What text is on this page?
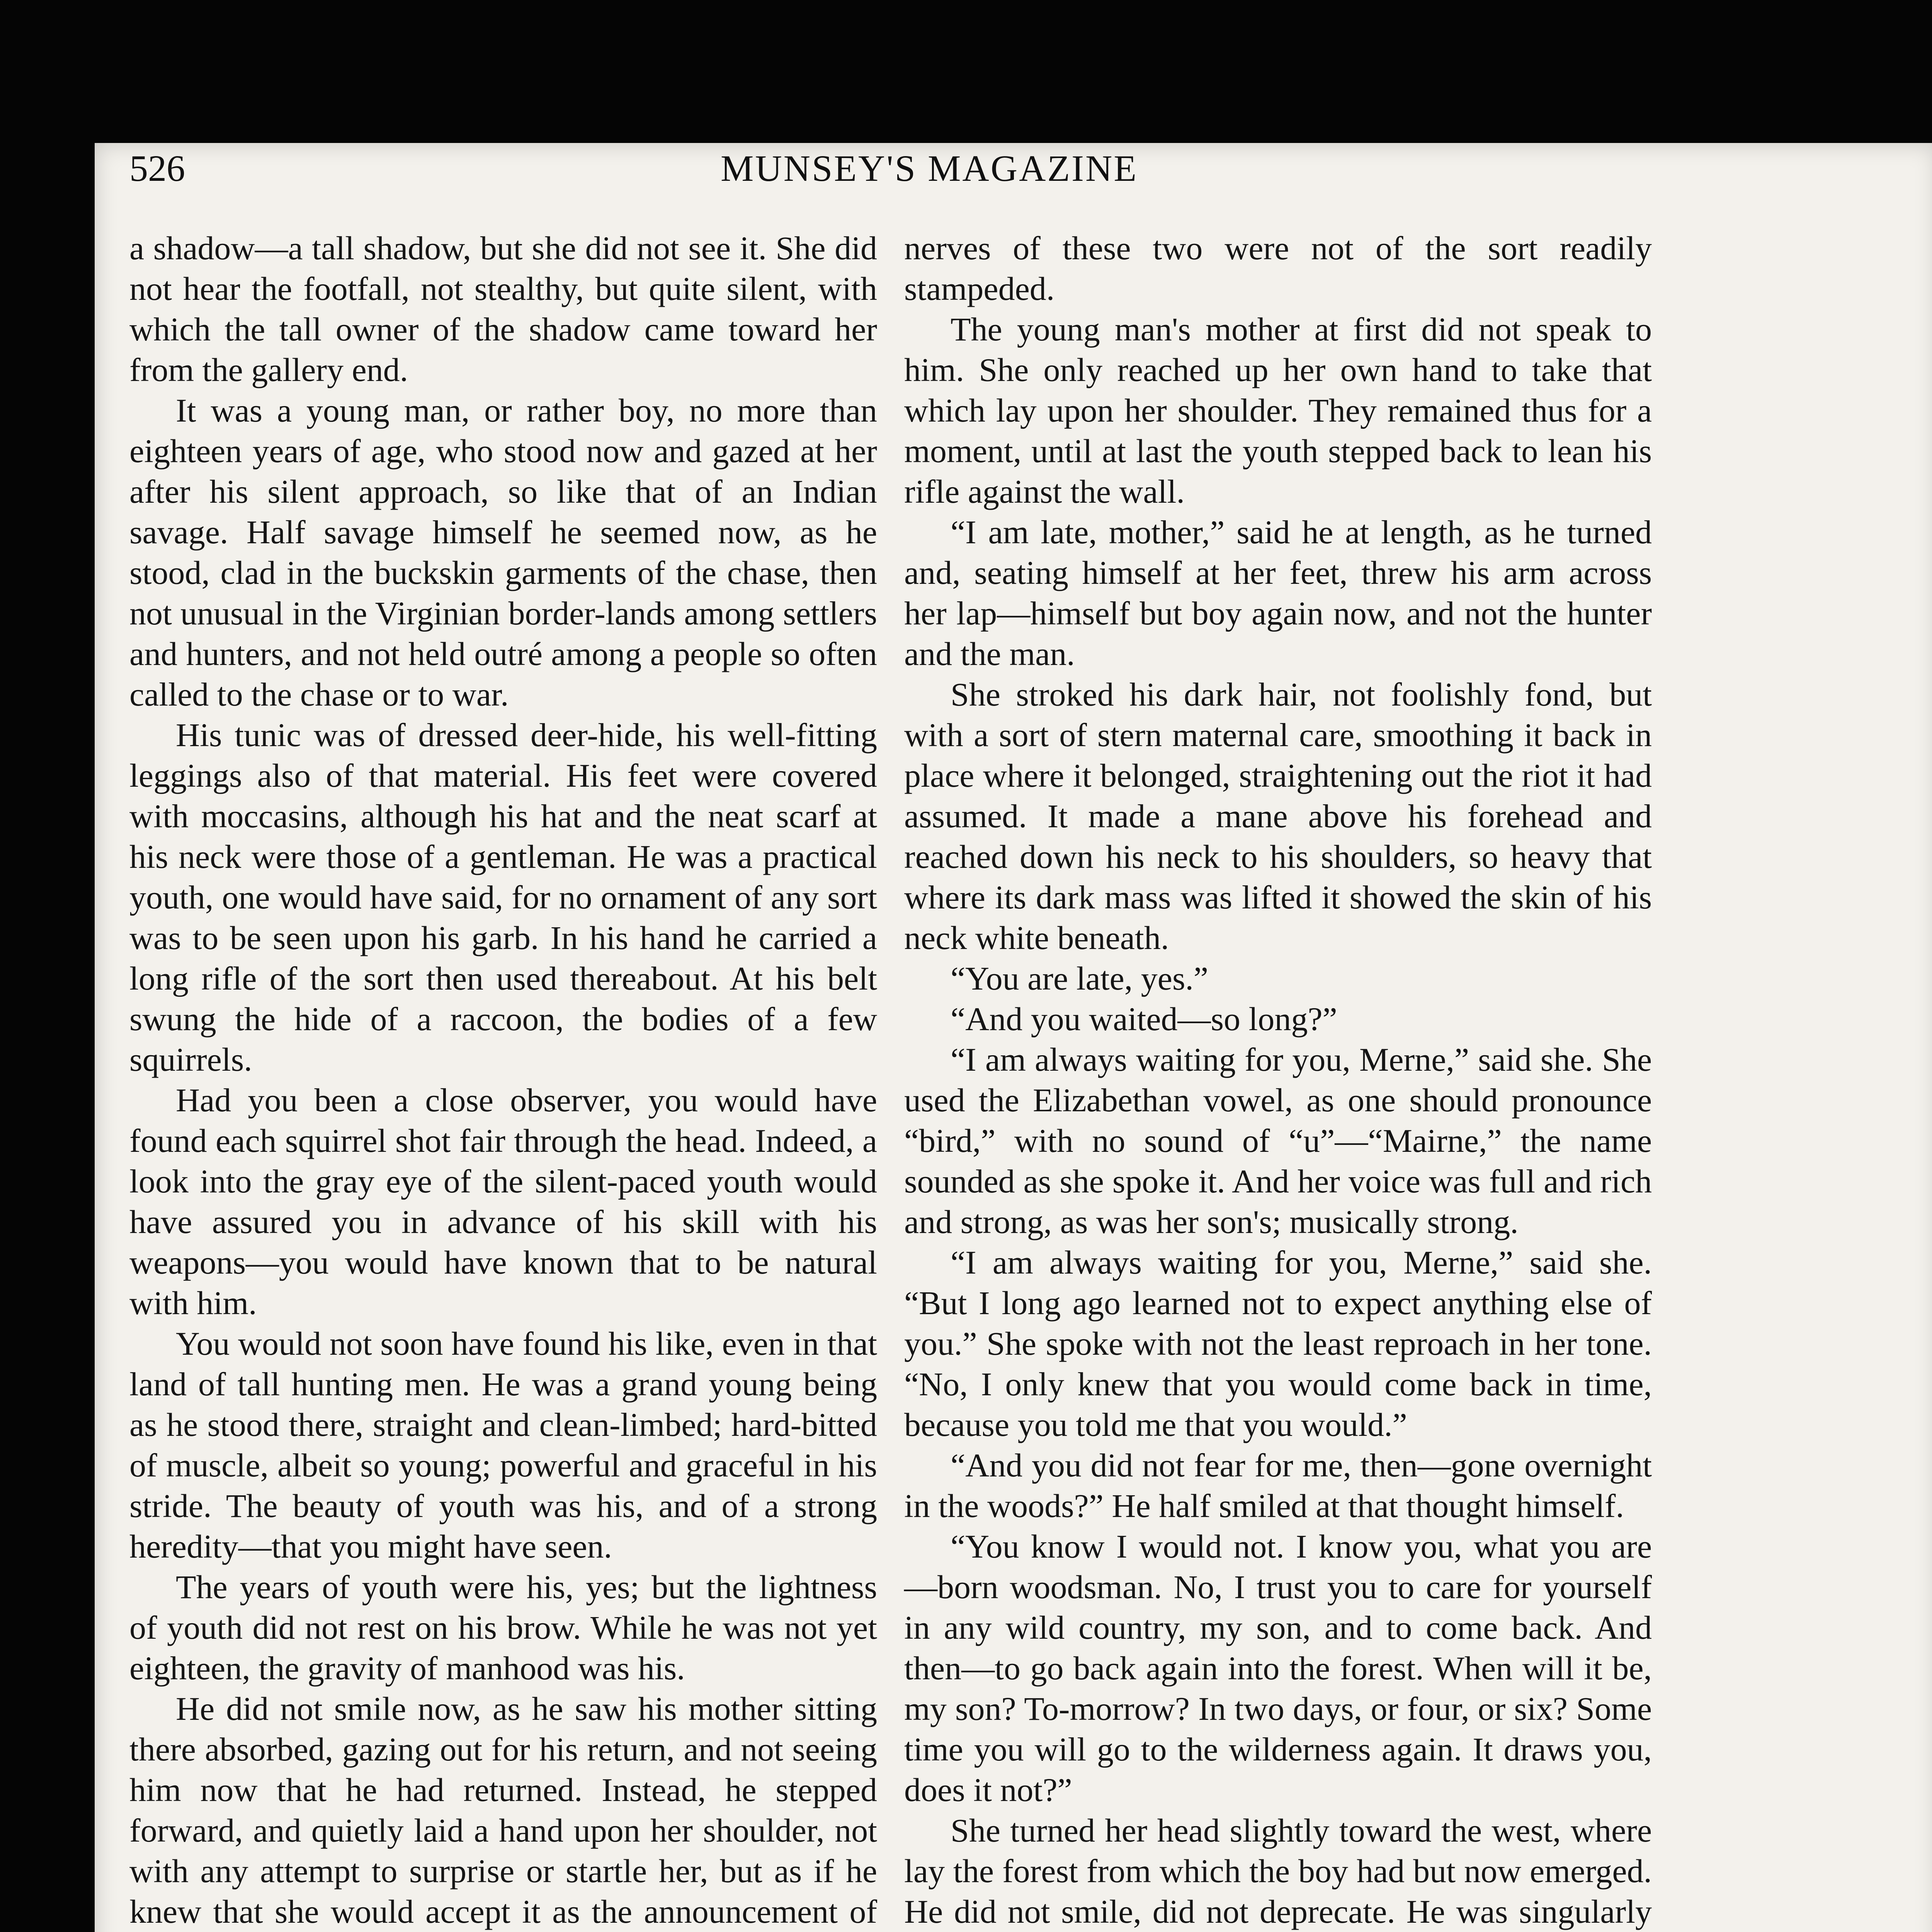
526	MUNSEY'S MAGAZINE

a shadow—a tall shadow, but she did not see it. She did not hear the footfall, not stealthy, but quite silent, with which the tall owner of the shadow came toward her from the gallery end.

It was a young man, or rather boy, no more than eighteen years of age, who stood now and gazed at her after his silent approach, so like that of an Indian savage. Half savage himself he seemed now, as he stood, clad in the buckskin garments of the chase, then not unusual in the Virginian border-lands among settlers and hunters, and not held outré among a people so often called to the chase or to war.

His tunic was of dressed deer-hide, his well-fitting leggings also of that material. His feet were covered with moccasins, although his hat and the neat scarf at his neck were those of a gentleman. He was a practical youth, one would have said, for no ornament of any sort was to be seen upon his garb. In his hand he carried a long rifle of the sort then used thereabout. At his belt swung the hide of a raccoon, the bodies of a few squirrels.

Had you been a close observer, you would have found each squirrel shot fair through the head. Indeed, a look into the gray eye of the silent-paced youth would have assured you in advance of his skill with his weapons—you would have known that to be natural with him.

You would not soon have found his like, even in that land of tall hunting men. He was a grand young being as he stood there, straight and clean-limbed; hard-bitted of muscle, albeit so young; powerful and graceful in his stride. The beauty of youth was his, and of a strong heredity—that you might have seen.

The years of youth were his, yes; but the lightness of youth did not rest on his brow. While he was not yet eighteen, the gravity of manhood was his.

He did not smile now, as he saw his mother sitting there absorbed, gazing out for his return, and not seeing him now that he had returned. Instead, he stepped forward, and quietly laid a hand upon her shoulder, not with any attempt to surprise or startle her, but as if he knew that she would accept it as the announcement of

nerves of these two were not of the sort readily stampeded.

The young man's mother at first did not speak to him. She only reached up her own hand to take that which lay upon her shoulder. They remained thus for a moment, until at last the youth stepped back to lean his rifle against the wall.

“I am late, mother,” said he at length, as he turned and, seating himself at her feet, threw his arm across her lap—himself but boy again now, and not the hunter and the man.

She stroked his dark hair, not foolishly fond, but with a sort of stern maternal care, smoothing it back in place where it belonged, straightening out the riot it had assumed. It made a mane above his forehead and reached down his neck to his shoulders, so heavy that where its dark mass was lifted it showed the skin of his neck white beneath.

“You are late, yes.”

“And you waited—so long?”

“I am always waiting for you, Merne,” said she. She used the Elizabethan vowel, as one should pronounce “bird,” with no sound of “u”—“Mairne,” the name sounded as she spoke it. And her voice was full and rich and strong, as was her son's; musically strong.

“I am always waiting for you, Merne,” said she. “But I long ago learned not to expect anything else of you.” She spoke with not the least reproach in her tone. “No, I only knew that you would come back in time, because you told me that you would.”

“And you did not fear for me, then—gone overnight in the woods?” He half smiled at that thought himself.

“You know I would not. I know you, what you are—born woodsman. No, I trust you to care for yourself in any wild country, my son, and to come back. And then—to go back again into the forest. When will it be, my son? To-morrow? In two days, or four, or six? Some time you will go to the wilderness again. It draws you, does it not?”

She turned her head slightly toward the west, where lay the forest from which the boy had but now emerged. He did not smile, did not deprecate. He was singularly
